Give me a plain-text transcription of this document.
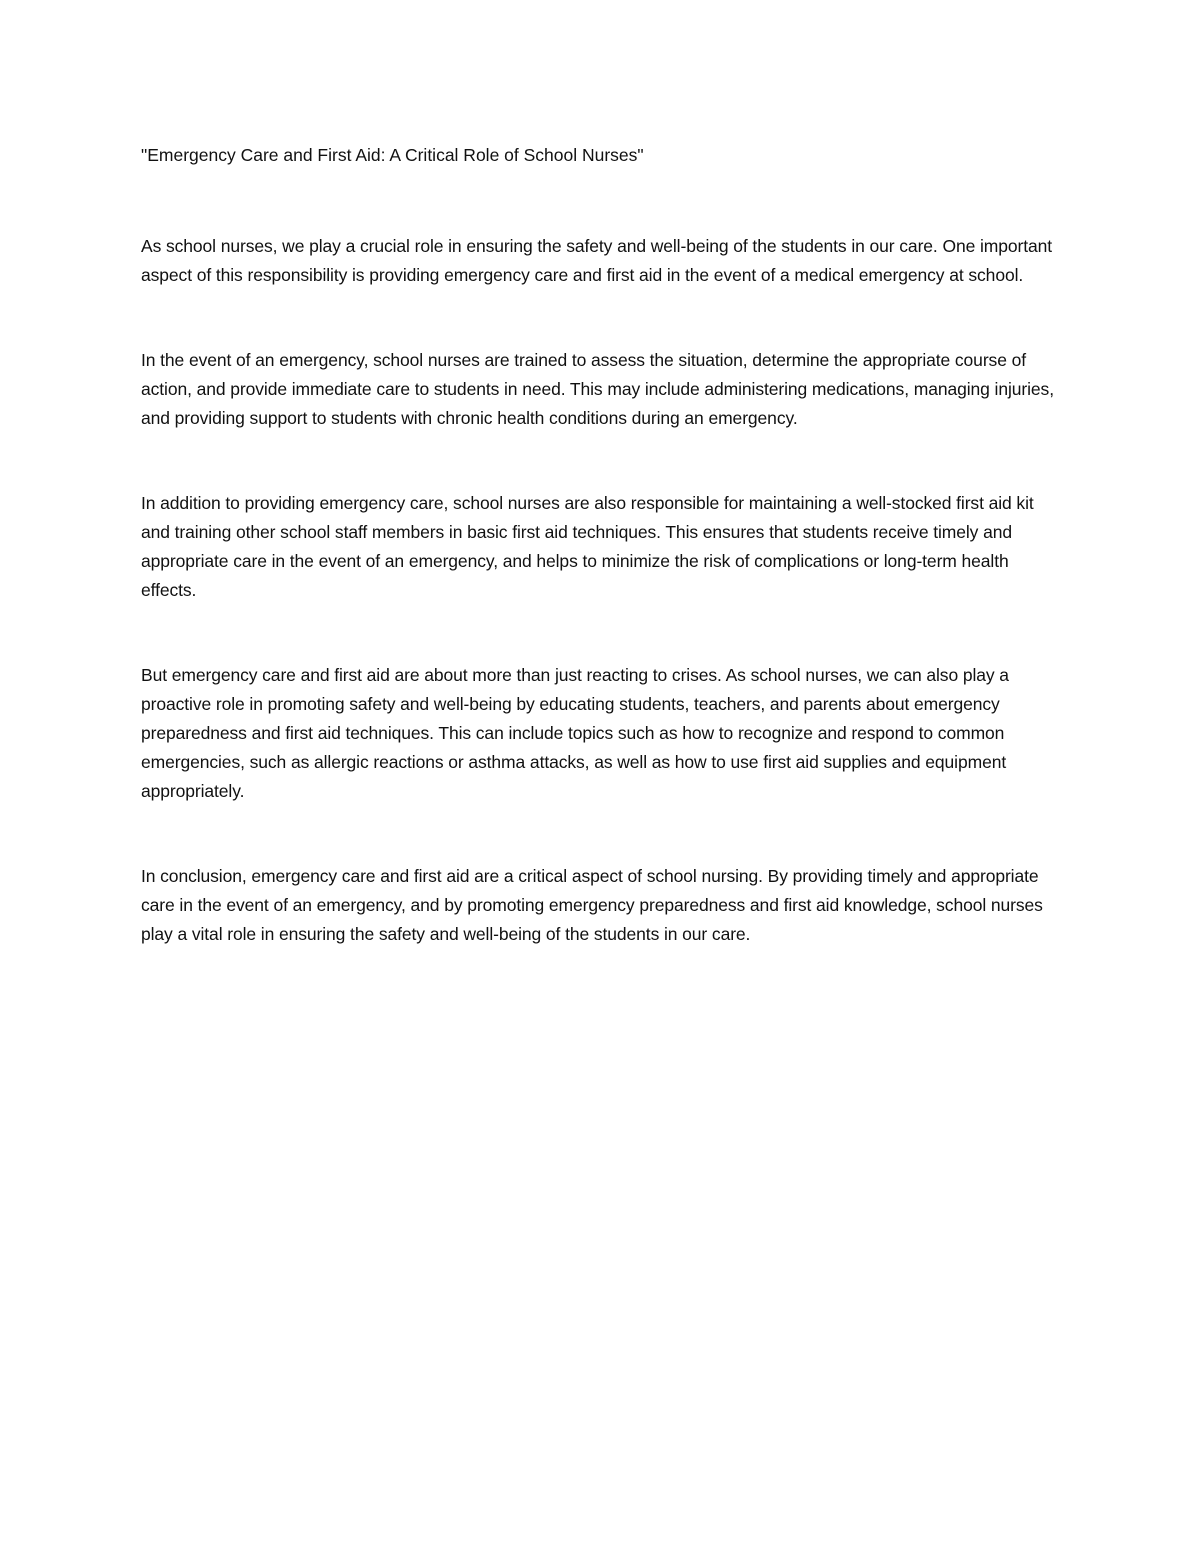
"Emergency Care and First Aid: A Critical Role of School Nurses"

As school nurses, we play a crucial role in ensuring the safety and well-being of the students in our care. One important aspect of this responsibility is providing emergency care and first aid in the event of a medical emergency at school.

In the event of an emergency, school nurses are trained to assess the situation, determine the appropriate course of action, and provide immediate care to students in need. This may include administering medications, managing injuries, and providing support to students with chronic health conditions during an emergency.

In addition to providing emergency care, school nurses are also responsible for maintaining a well-stocked first aid kit and training other school staff members in basic first aid techniques. This ensures that students receive timely and appropriate care in the event of an emergency, and helps to minimize the risk of complications or long-term health effects.

But emergency care and first aid are about more than just reacting to crises. As school nurses, we can also play a proactive role in promoting safety and well-being by educating students, teachers, and parents about emergency preparedness and first aid techniques. This can include topics such as how to recognize and respond to common emergencies, such as allergic reactions or asthma attacks, as well as how to use first aid supplies and equipment appropriately.

In conclusion, emergency care and first aid are a critical aspect of school nursing. By providing timely and appropriate care in the event of an emergency, and by promoting emergency preparedness and first aid knowledge, school nurses play a vital role in ensuring the safety and well-being of the students in our care.
